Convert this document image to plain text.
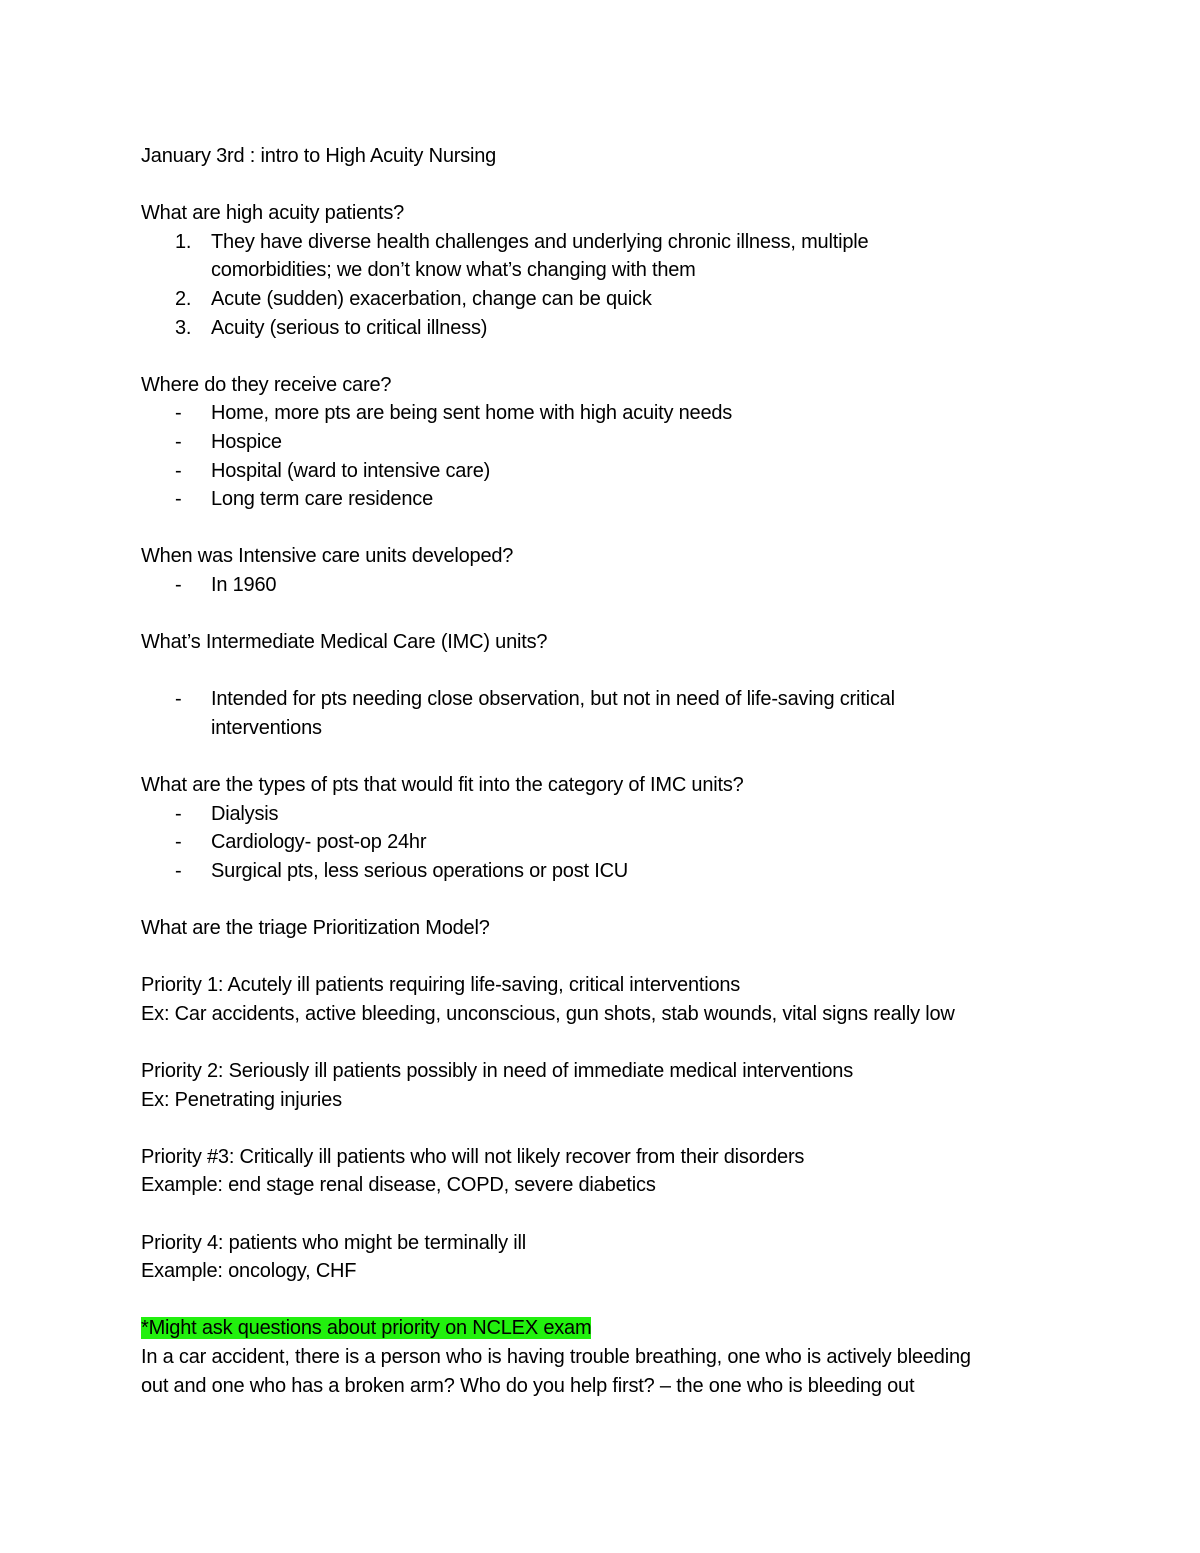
January 3rd : intro to High Acuity Nursing

What are high acuity patients?

1. They have diverse health challenges and underlying chronic illness, multiple
comorbidities; we don’t know what’s changing with them
2. Acute (sudden) exacerbation, change can be quick
3. Acuity (serious to critical illness)

Where do they receive care?

-	Home, more pts are being sent home with high acuity needs
-	Hospice
-	Hospital (ward to intensive care)
-	Long term care residence

When was Intensive care units developed?

-	In 1960

What’s Intermediate Medical Care (IMC) units?

-	Intended for pts needing close observation, but not in need of life-saving critical
interventions

What are the types of pts that would fit into the category of IMC units?

-	Dialysis
-	Cardiology- post-op 24hr
-	Surgical pts, less serious operations or post ICU

What are the triage Prioritization Model?

Priority 1: Acutely ill patients requiring life-saving, critical interventions

Ex: Car accidents, active bleeding, unconscious, gun shots, stab wounds, vital signs really low

Priority 2: Seriously ill patients possibly in need of immediate medical interventions

Ex: Penetrating injuries

Priority #3: Critically ill patients who will not likely recover from their disorders

Example: end stage renal disease, COPD, severe diabetics

Priority 4: patients who might be terminally ill

Example: oncology, CHF

*Might ask questions about priority on NCLEX exam

In a car accident, there is a person who is having trouble breathing, one who is actively bleeding

out and one who has a broken arm? Who do you help first? – the one who is bleeding out
